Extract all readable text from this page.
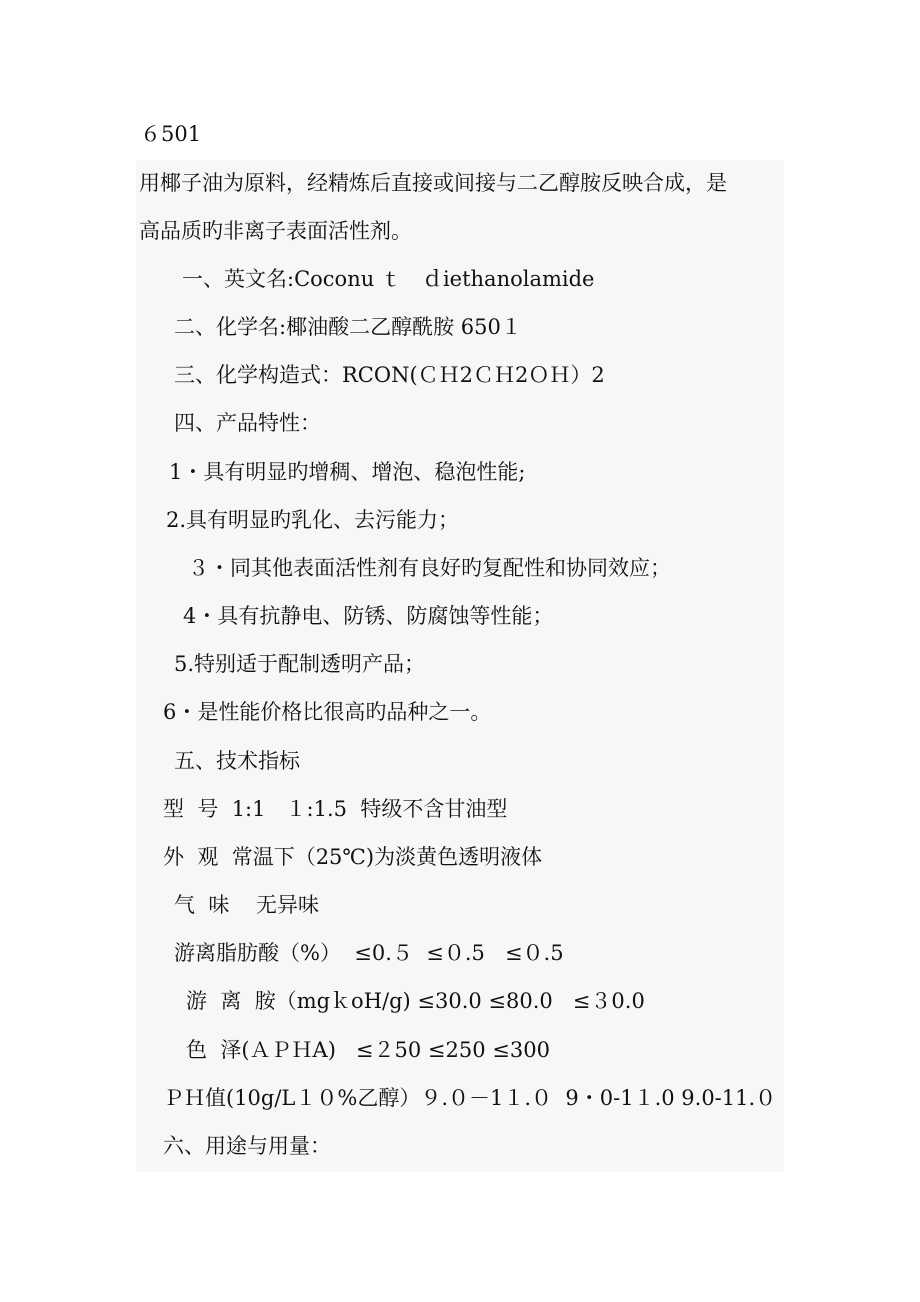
６501
用椰子油为原料，经精炼后直接或间接与二乙醇胺反映合成，是
高品质旳非离子表面活性剂。
一、英文名:Coconu ｔ   ｄiethanolamide
二、化学名:椰油酸二乙醇酰胺 650１
三、化学构造式：RCON(ＣＨ2ＣＨ2ＯＨ）2
四、产品特性：
1・具有明显旳增稠、增泡、稳泡性能;
2.具有明显旳乳化、去污能力；
３・同其他表面活性剂有良好旳复配性和协同效应；
4・具有抗静电、防锈、防腐蚀等性能；
5.特别适于配制透明产品；
6・是性能价格比很高旳品种之一。
五、技术指标
型  号  1:1   １:1.5  特级不含甘油型
外  观  常温下（25℃)为淡黄色透明液体
气  味    无异味
游离脂肪酸（%）  ≤0.５  ≤０.5   ≤０.5
游  离  胺（mgｋoH/g) ≤30.0 ≤80.0   ≤３0.0
色  泽(ＡＰＨA)   ≤２50 ≤250 ≤300
ＰＨ值(10g/L１０%乙醇）９.０－1１.０  9・0-1１.0 9.0-11.０
六、用途与用量：
